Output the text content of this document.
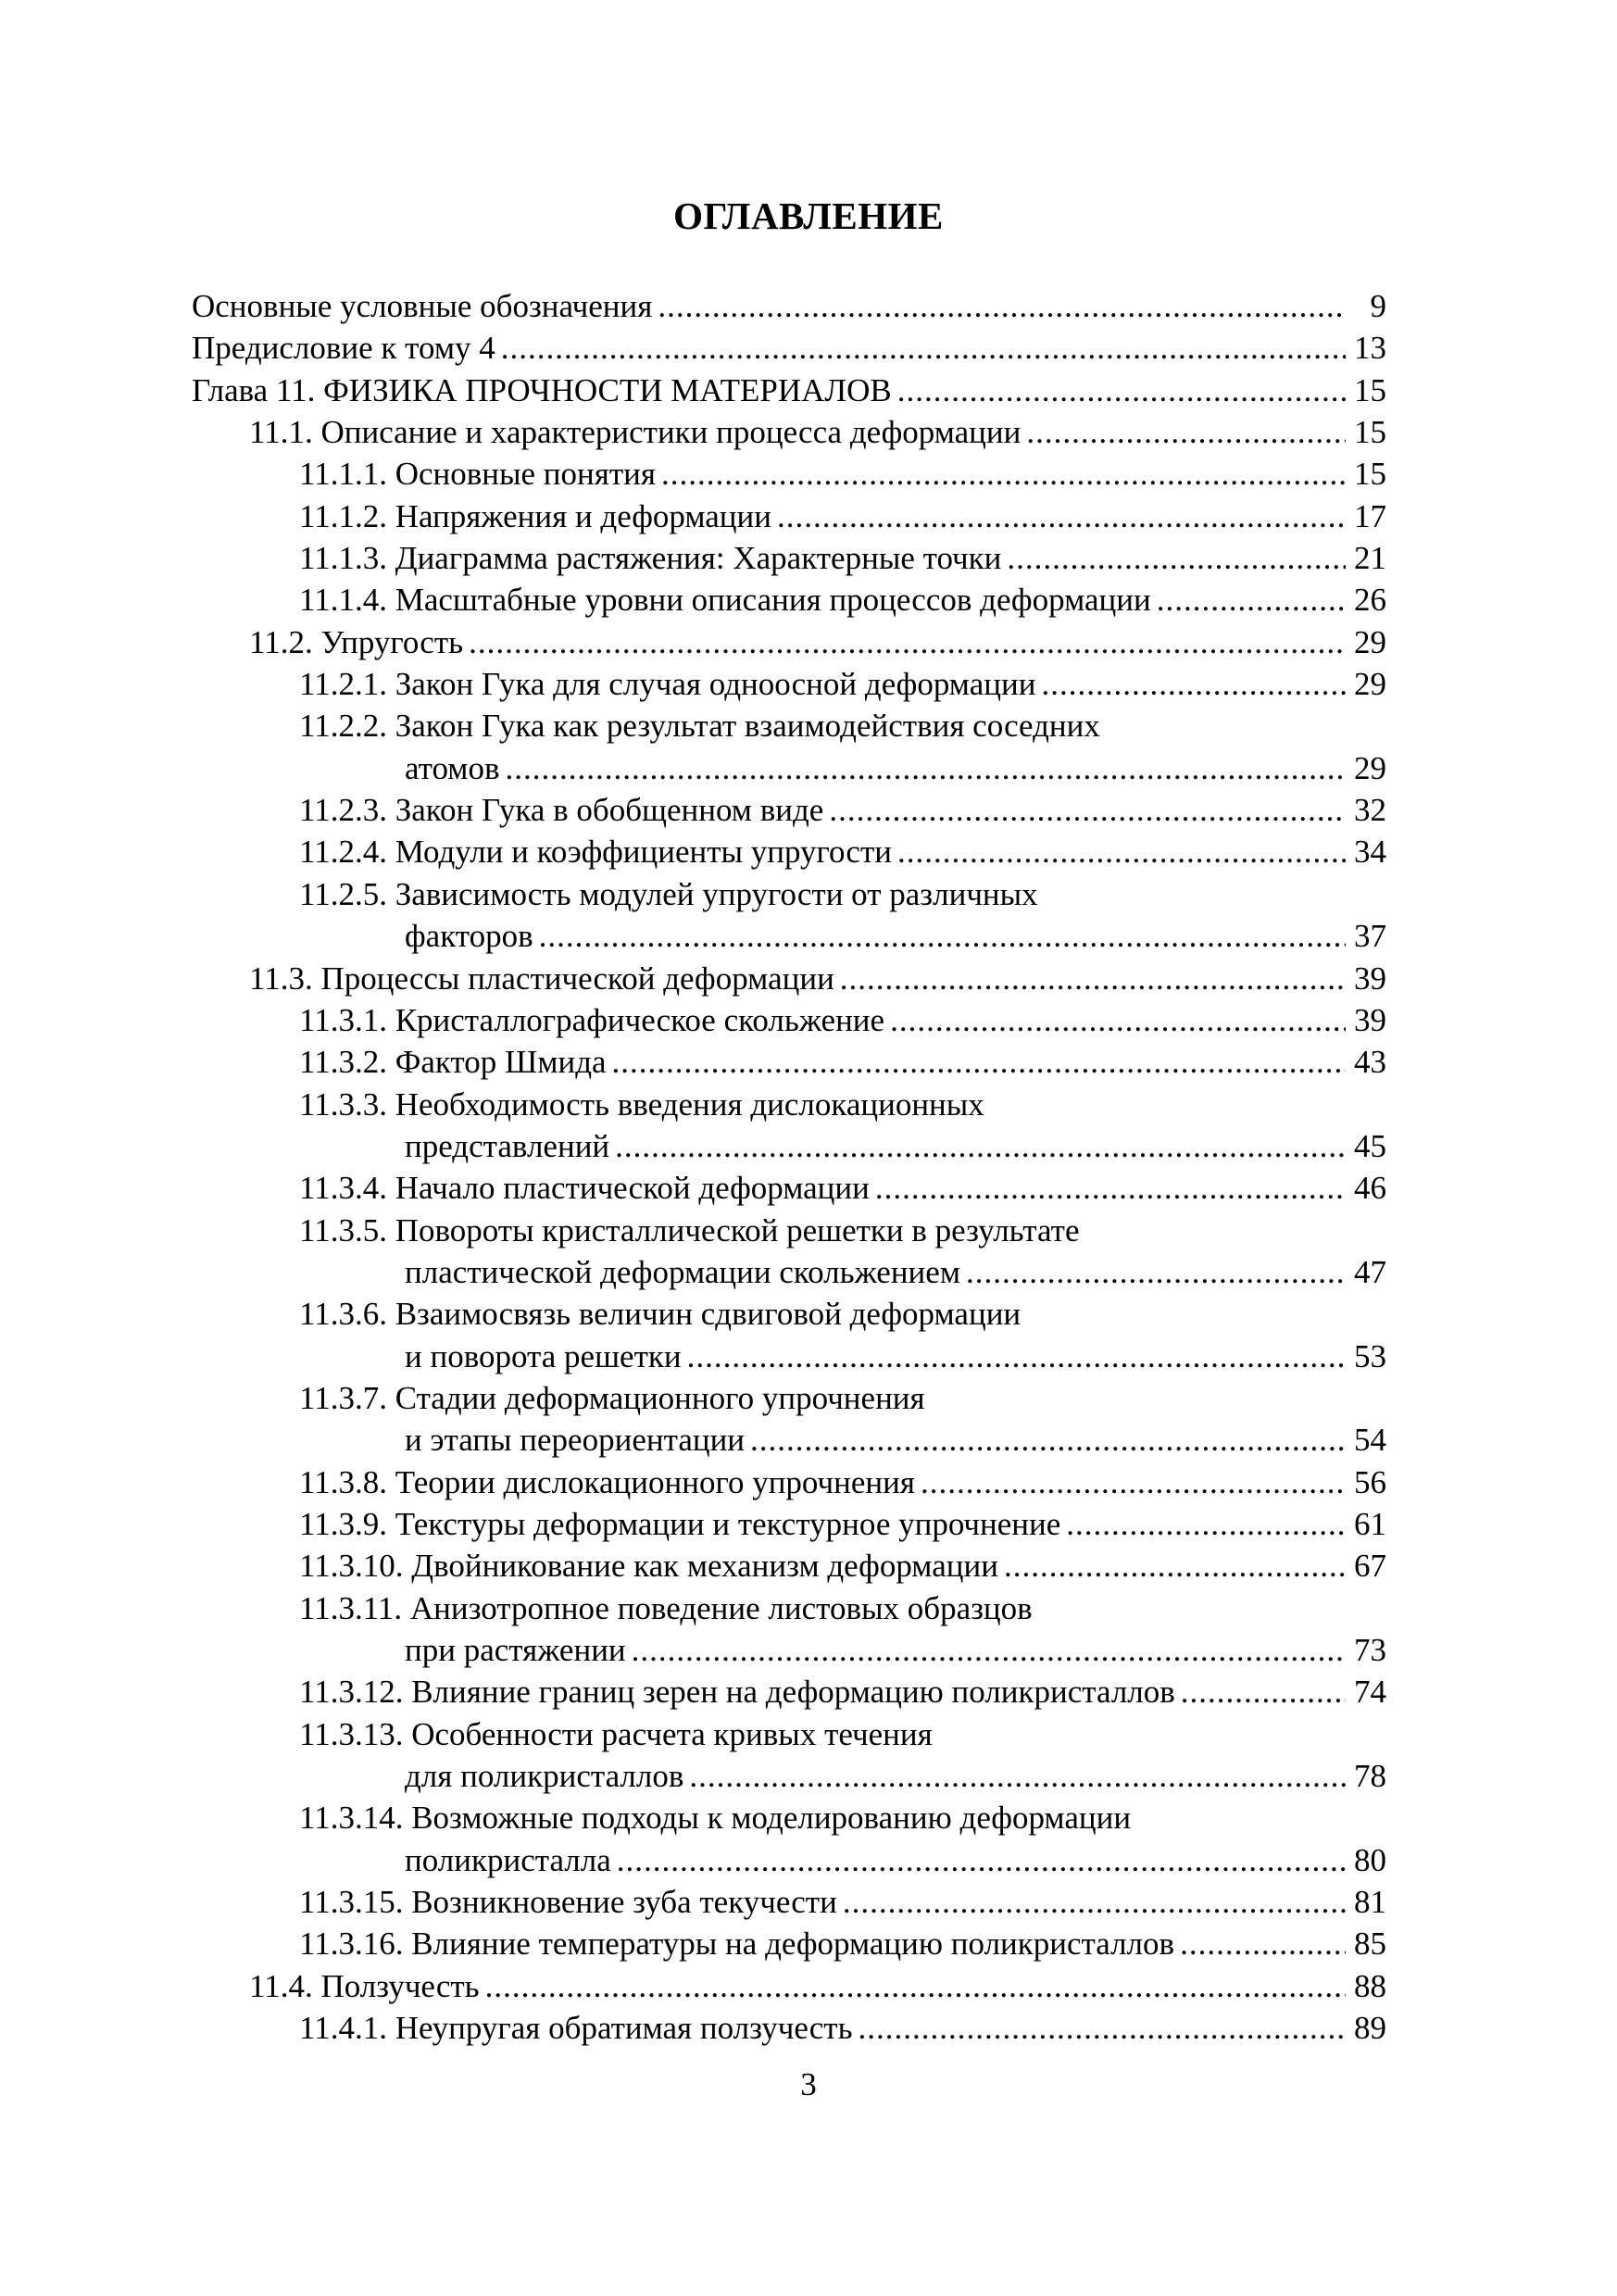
ОГЛАВЛЕНИЕ
Основные условные обозначения .....	9
Предисловие к тому 4 .....	13
Глава 11. ФИЗИКА ПРОЧНОСТИ МАТЕРИАЛОВ .....	15
11.1. Описание и характеристики процесса деформации .....	15
11.1.1. Основные понятия .....	15
11.1.2. Напряжения и деформации .....	17
11.1.3. Диаграмма растяжения: Характерные точки .....	21
11.1.4. Масштабные уровни описания процессов деформации .....	26
11.2. Упругость .....	29
11.2.1. Закон Гука для случая одноосной деформации .....	29
11.2.2. Закон Гука как результат взаимодействия соседних
атомов .....	29
11.2.3. Закон Гука в обобщенном виде .....	32
11.2.4. Модули и коэффициенты упругости .....	34
11.2.5. Зависимость модулей упругости от различных
факторов .....	37
11.3. Процессы пластической деформации .....	39
11.3.1. Кристаллографическое скольжение .....	39
11.3.2. Фактор Шмида .....	43
11.3.3. Необходимость введения дислокационных
представлений .....	45
11.3.4. Начало пластической деформации .....	46
11.3.5. Повороты кристаллической решетки в результате
пластической деформации скольжением .....	47
11.3.6. Взаимосвязь величин сдвиговой деформации
и поворота решетки .....	53
11.3.7. Стадии деформационного упрочнения
и этапы переориентации .....	54
11.3.8. Теории дислокационного упрочнения .....	56
11.3.9. Текстуры деформации и текстурное упрочнение .....	61
11.3.10. Двойникование как механизм деформации .....	67
11.3.11. Анизотропное поведение листовых образцов
при растяжении .....	73
11.3.12. Влияние границ зерен на деформацию поликристаллов .....	74
11.3.13. Особенности расчета кривых течения
для поликристаллов .....	78
11.3.14. Возможные подходы к моделированию деформации
поликристалла .....	80
11.3.15. Возникновение зуба текучести .....	81
11.3.16. Влияние температуры на деформацию поликристаллов .....	85
11.4. Ползучесть .....	88
11.4.1. Неупругая обратимая ползучесть .....	89
3
